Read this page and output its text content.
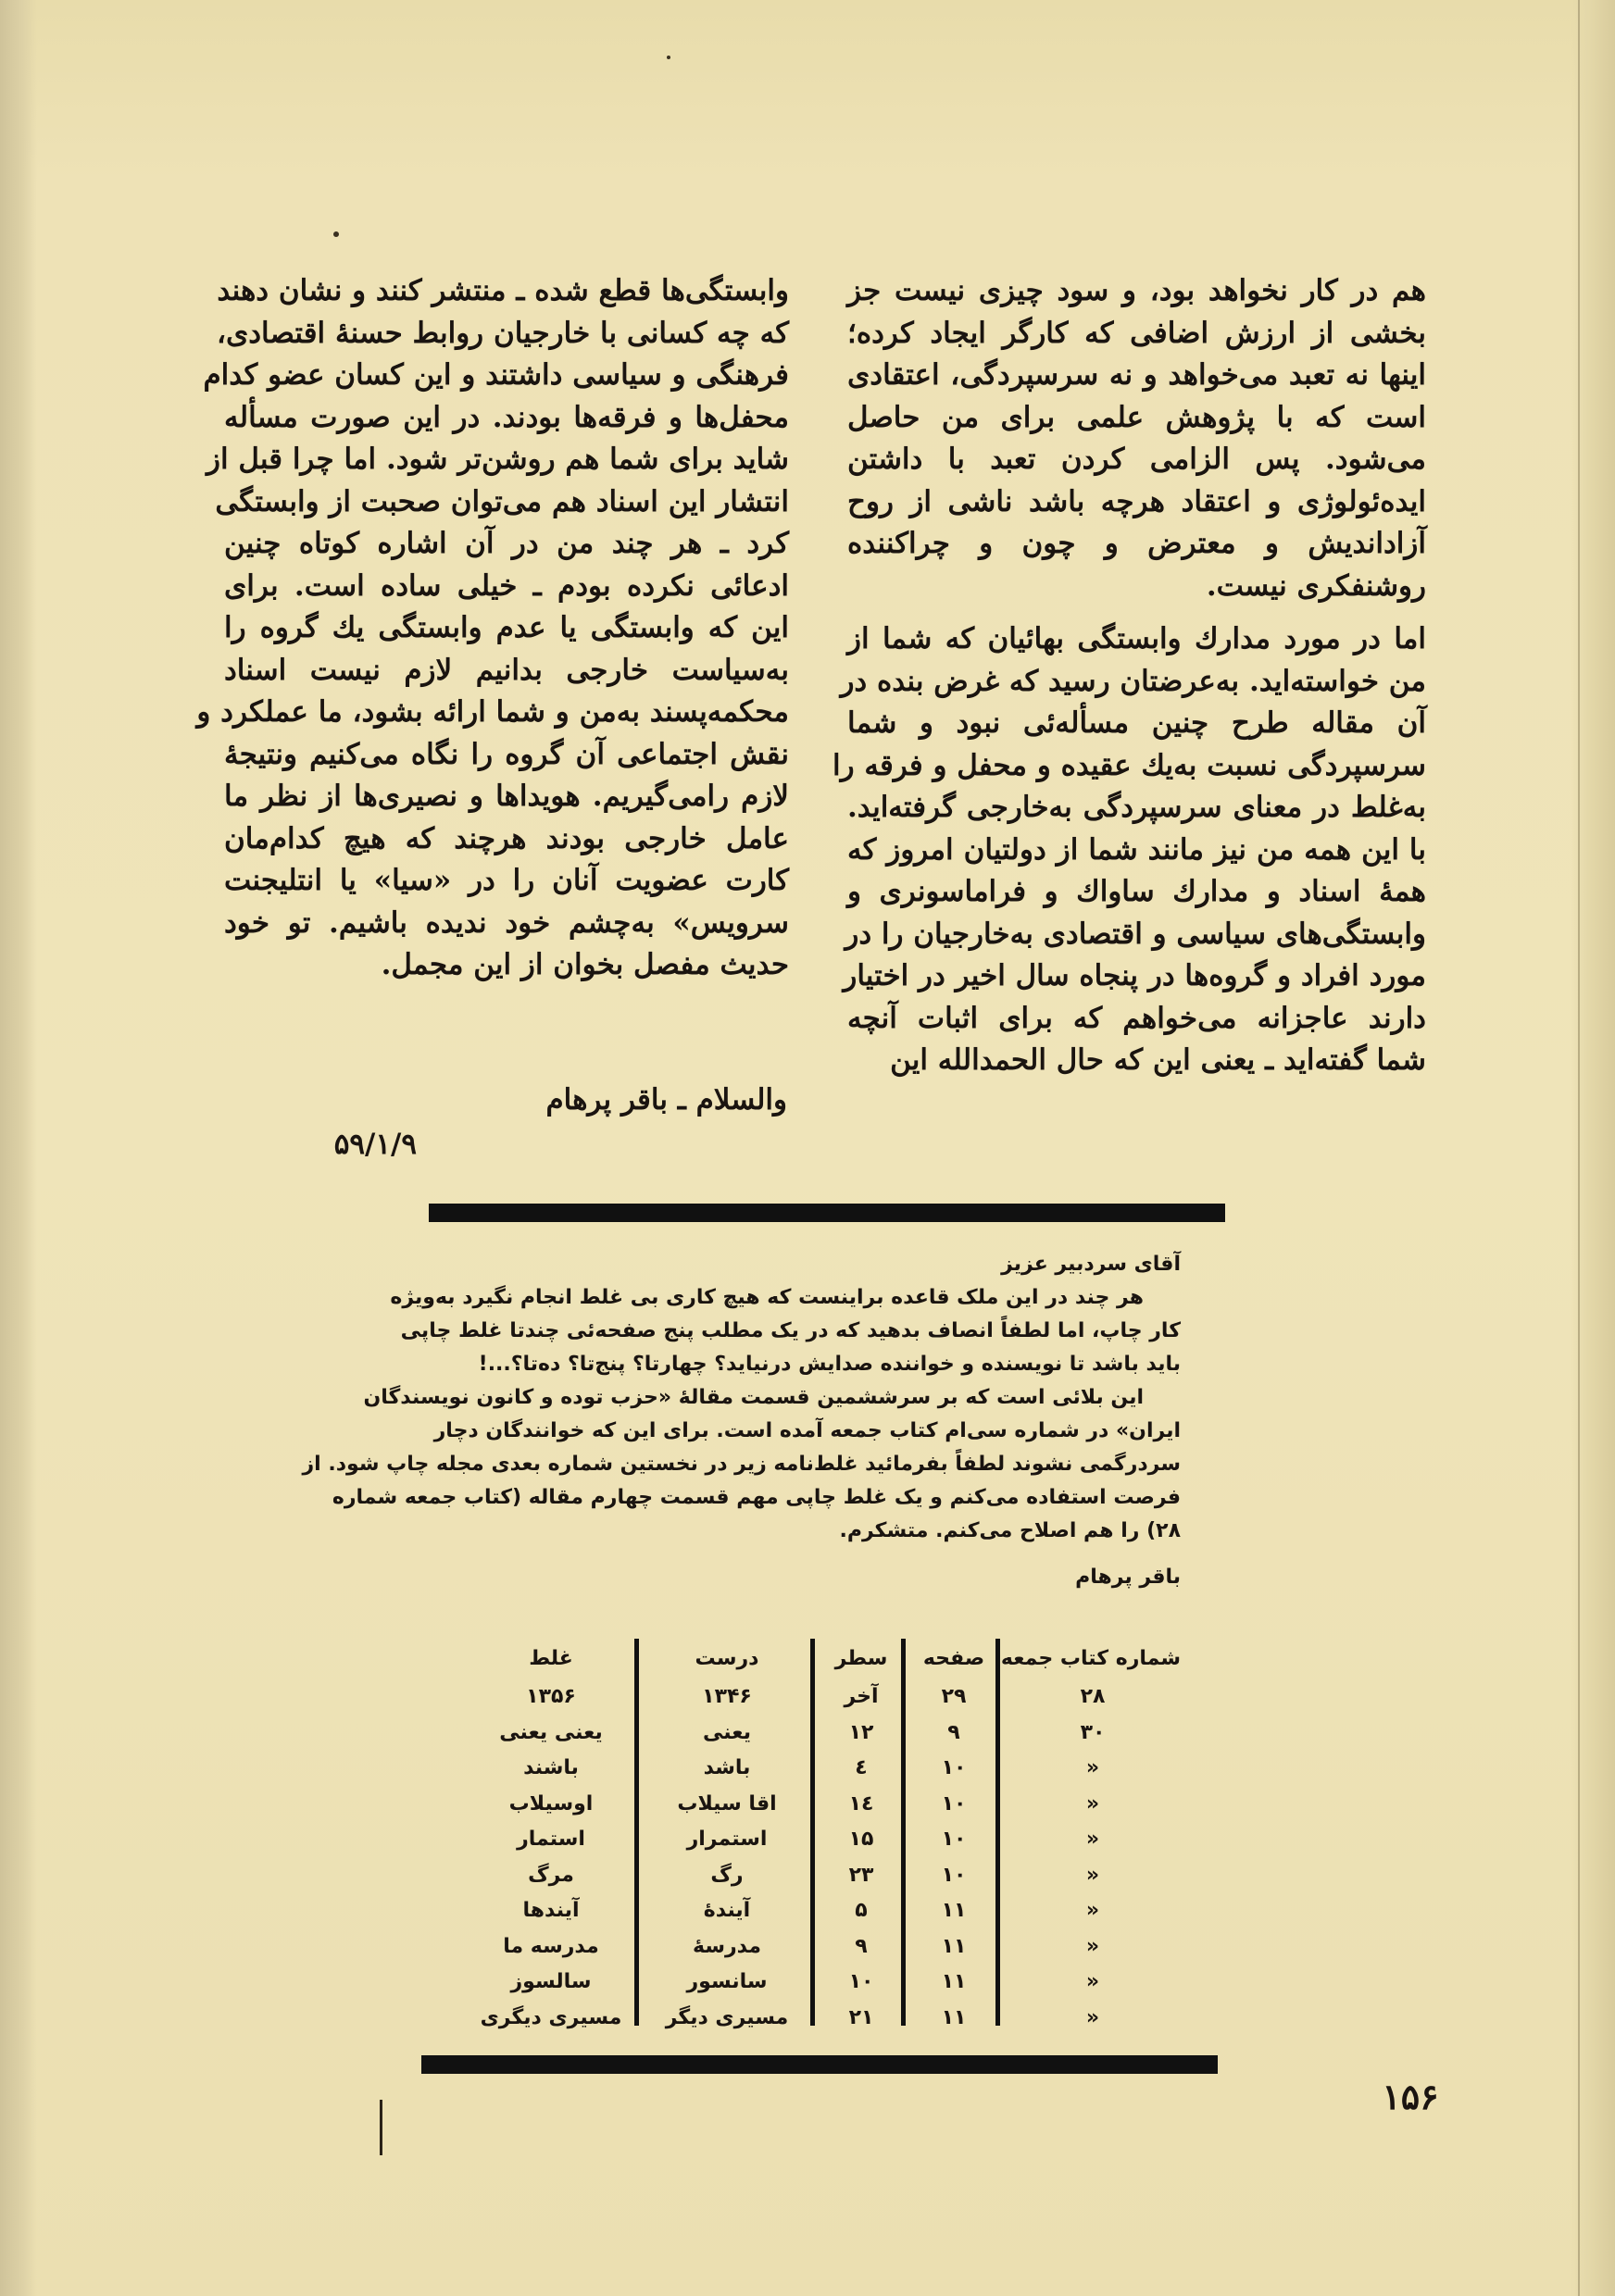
هم در کار نخواهد بود، و سود چیزی نیست جز
بخشی از ارزش اضافی که کارگر ایجاد کرده؛
اینها نه تعبد می‌خواهد و نه سرسپردگی، اعتقادی
است که با پژوهش علمی برای من حاصل
می‌شود. پس الزامی کردن تعبد با داشتن
ایده‌ئولوژی و اعتقاد هرچه باشد ناشی از روح
آزاداندیش و معترض و چون و چراکننده
روشنفکری نیست.
اما در مورد مدارك وابستگی بهائیان که شما از
من خواسته‌اید. به‌عرضتان رسید که غرض بنده در
آن مقاله طرح چنین مسأله‌ئی نبود و شما
سرسپردگی نسبت به‌یك عقیده و محفل و فرقه را
به‌غلط در معنای سرسپردگی به‌خارجی گرفته‌اید.
با این همه من نیز مانند شما از دولتیان امروز که
همهٔ اسناد و مدارك ساواك و فراماسونری و
وابستگی‌های سیاسی و اقتصادی به‌خارجیان را در
مورد افراد و گروه‌ها در پنجاه سال اخیر در اختیار
دارند عاجزانه می‌خواهم که برای اثبات آنچه
شما گفته‌اید ـ یعنی این که حال الحمدالله این
وابستگی‌ها قطع شده ـ منتشر کنند و نشان دهند
که چه کسانی با خارجیان روابط حسنهٔ اقتصادی،
فرهنگی و سیاسی داشتند و این کسان عضو کدام
محفل‌ها و فرقه‌ها بودند. در این صورت مسأله
شاید برای شما هم روشن‌تر شود. اما چرا قبل از
انتشار این اسناد هم می‌توان صحبت از وابستگی
کرد ـ هر چند من در آن اشاره کوتاه چنین
ادعائی نکرده بودم ـ خیلی ساده است. برای
این که وابستگی یا عدم وابستگی یك گروه را
به‌سیاست خارجی بدانیم لازم نیست اسناد
محکمه‌پسند به‌من و شما ارائه بشود، ما عملکرد و
نقش اجتماعی آن گروه را نگاه می‌کنیم ونتیجهٔ
لازم رامی‌گیریم. هویداها و نصیری‌ها از نظر ما
عامل خارجی بودند هرچند که هیچ کدام‌مان
کارت عضویت آنان را در «سیا» یا انتلیجنت
سرویس» به‌چشم خود ندیده باشیم. تو خود
حدیث مفصل بخوان از این مجمل.
والسلام ـ باقر پرهام
۵۹/۱/۹
آقای سردبیر عزیز
هر چند در این ملک قاعده براینست که هیچ کاری بی غلط انجام نگیرد به‌ویژه
کار چاپ، اما لطفاً انصاف بدهید که در یک مطلب پنج صفحه‌ئی چندتا غلط چاپی
باید باشد تا نویسنده و خواننده صدایش درنیاید؟ چهارتا؟ پنج‌تا؟ ده‌تا؟...!
این بلائی است که بر سرششمین قسمت مقالهٔ «حزب توده و کانون نویسندگان
ایران» در شماره سی‌ام کتاب جمعه آمده است. برای این که خوانندگان دچار
سردرگمی نشوند لطفاً بفرمائید غلط‌نامه زیر در نخستین شماره بعدی مجله چاپ شود. از
فرصت استفاده می‌کنم و یک غلط چاپی مهم قسمت چهارم مقاله (کتاب جمعه شماره
۲۸) را هم اصلاح می‌کنم. متشکرم.
باقر پرهام
شماره کتاب جمعه
۲۸
۳۰
«
«
«
«
«
«
«
«
صفحه
۲۹
۹
۱۰
۱۰
۱۰
۱۰
۱۱
۱۱
۱۱
۱۱
سطر
آخر
۱۲
٤
۱٤
۱۵
۲۳
۵
۹
۱۰
۲۱
درست
۱۳۴۶
یعنی
باشد
اقا سیلاب
استمرار
رگ
آیندهٔ
مدرسهٔ
سانسور
مسیری دیگر
غلط
۱۳۵۶
یعنی یعنی
باشند
اوسیلاب
استمار
مرگ
آیندها
مدرسه ما
سالسوز
مسیری دیگری
۱۵۶
